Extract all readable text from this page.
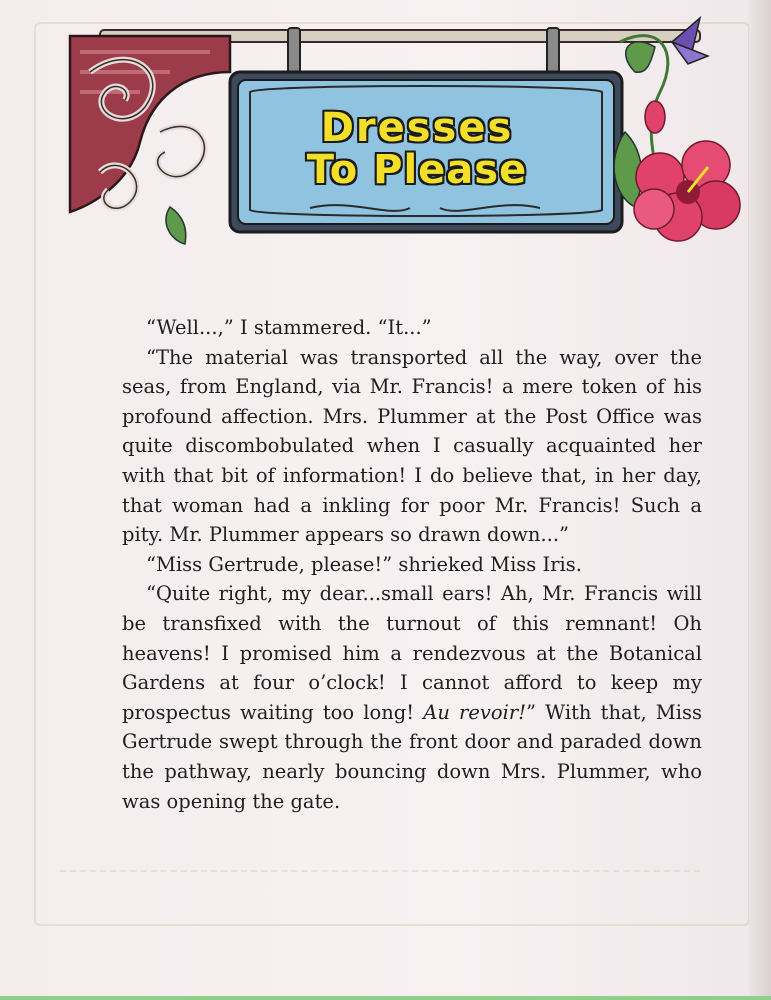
Dresses
To Please

“Well...,” I stammered. “It...”

“The material was transported all the way, over the seas, from England, via Mr. Francis! a mere token of his profound affection. Mrs. Plummer at the Post Office was quite discombobulated when I casually acquainted her with that bit of information! I do believe that, in her day, that woman had a inkling for poor Mr. Francis! Such a pity. Mr. Plummer appears so drawn down...”

“Miss Gertrude, please!” shrieked Miss Iris.

“Quite right, my dear...small ears! Ah, Mr. Francis will be transfixed with the turnout of this remnant! Oh heavens! I promised him a rendezvous at the Botanical Gardens at four o’clock! I cannot afford to keep my prospectus waiting too long! Au revoir!” With that, Miss Gertrude swept through the front door and paraded down the pathway, nearly bouncing down Mrs. Plummer, who was opening the gate.
